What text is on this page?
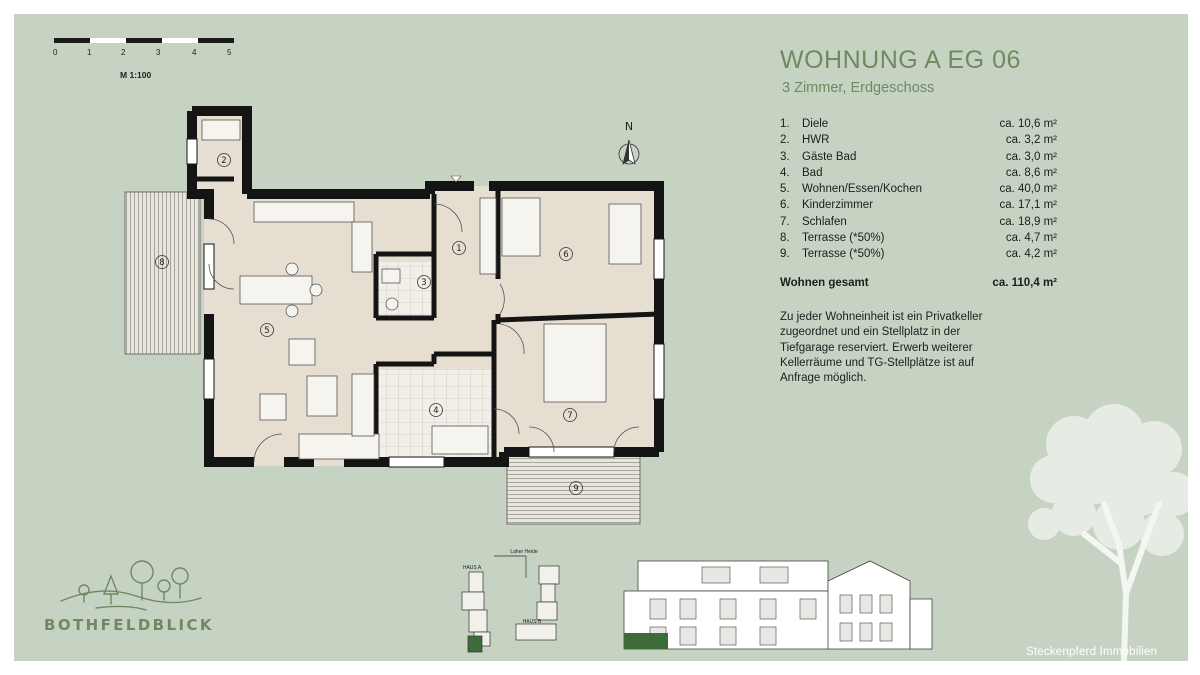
0	1	2	3	4	5
M 1:100
1
2
3
4
5
6
7
8
9
N
WOHNUNG A EG 06
3 Zimmer, Erdgeschoss
1.	Diele	ca. 10,6 m²
2.	HWR	ca. 3,2 m²
3.	Gäste Bad	ca. 3,0 m²
4.	Bad	ca. 8,6 m²
5.	Wohnen/Essen/Kochen	ca. 40,0 m²
6.	Kinderzimmer	ca. 17,1 m²
7.	Schlafen	ca. 18,9 m²
8.	Terrasse (*50%)	ca. 4,7 m²
9.	Terrasse (*50%)	ca. 4,2 m²
Wohnen gesamt	ca. 110,4 m²
Zu jeder Wohneinheit ist ein Privatkeller zugeordnet und ein Stellplatz in der Tiefgarage reserviert. Erwerb weiterer Kellerräume und TG-Stellplätze ist auf Anfrage möglich.
BOTHFELDBLICK
Laher Heide
HAUS A
HAUS B
Steckenpferd Immobilien
